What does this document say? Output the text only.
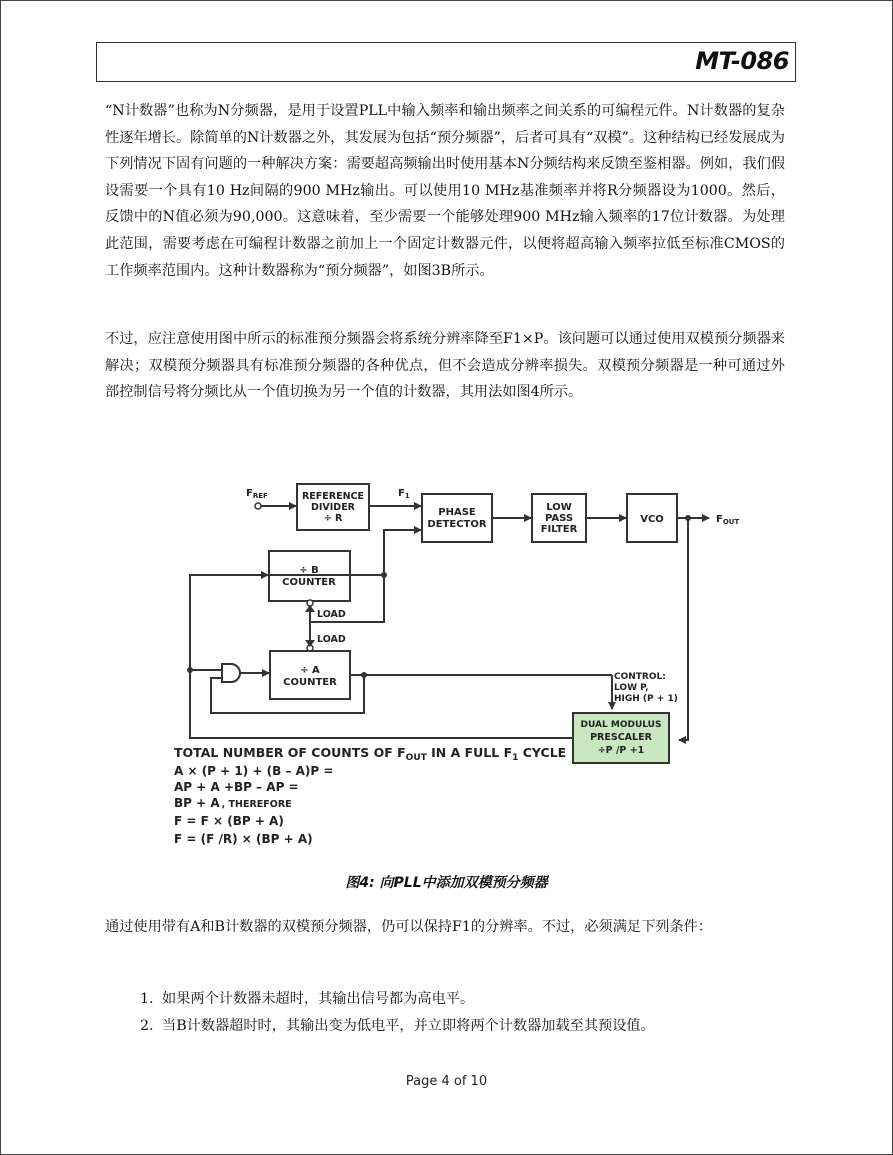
MT-086

“N计数器”也称为N分频器，是用于设置PLL中输入频率和输出频率之间关系的可编程元件。N计数器的复杂性逐年增长。除简单的N计数器之外，其发展为包括“预分频器”，后者可具有“双模”。这种结构已经发展成为下列情况下固有问题的一种解决方案：需要超高频输出时使用基本N分频结构来反馈至鉴相器。例如，我们假设需要一个具有10 Hz间隔的900 MHz输出。可以使用10 MHz基准频率并将R分频器设为1000。然后，反馈中的N值必须为90,000。这意味着，至少需要一个能够处理900 MHz输入频率的17位计数器。为处理此范围，需要考虑在可编程计数器之前加上一个固定计数器元件，以便将超高输入频率拉低至标准CMOS的工作频率范围内。这种计数器称为“预分频器”，如图3B所示。

不过，应注意使用图中所示的标准预分频器会将系统分辨率降至F1×P。该问题可以通过使用双模预分频器来解决；双模预分频器具有标准预分频器的各种优点，但不会造成分辨率损失。双模预分频器是一种可通过外部控制信号将分频比从一个值切换为另一个值的计数器，其用法如图4所示。

$F_{REF}$	REFERENCE
DIVIDER
÷ R
$F_1$
PHASE
DETECTOR
LOW
PASS
FILTER
VCO	$F_{OUT}$
÷ B
COUNTER
LOAD
LOAD
÷ A
COUNTER	CONTROL:
LOW P,
HIGH (P + 1)
DUAL MODULUS
PRESCALER
÷P /P +1
TOTAL NUMBER OF COUNTS OF $F_{OUT}$ IN A FULL $F_1$ CYCLE
A × (P + 1) + (B – A)P =
AP + A +BP – AP =
BP + A , THEREFORE
F = F × (BP + A)
F = (F /R) × (BP + A)
图4: 向PLL中添加双模预分频器

通过使用带有A和B计数器的双模预分频器，仍可以保持F1的分辨率。不过，必须满足下列条件：

1. 如果两个计数器未超时，其输出信号都为高电平。
2. 当B计数器超时时，其输出变为低电平，并立即将两个计数器加载至其预设值。
Page 4 of 10
